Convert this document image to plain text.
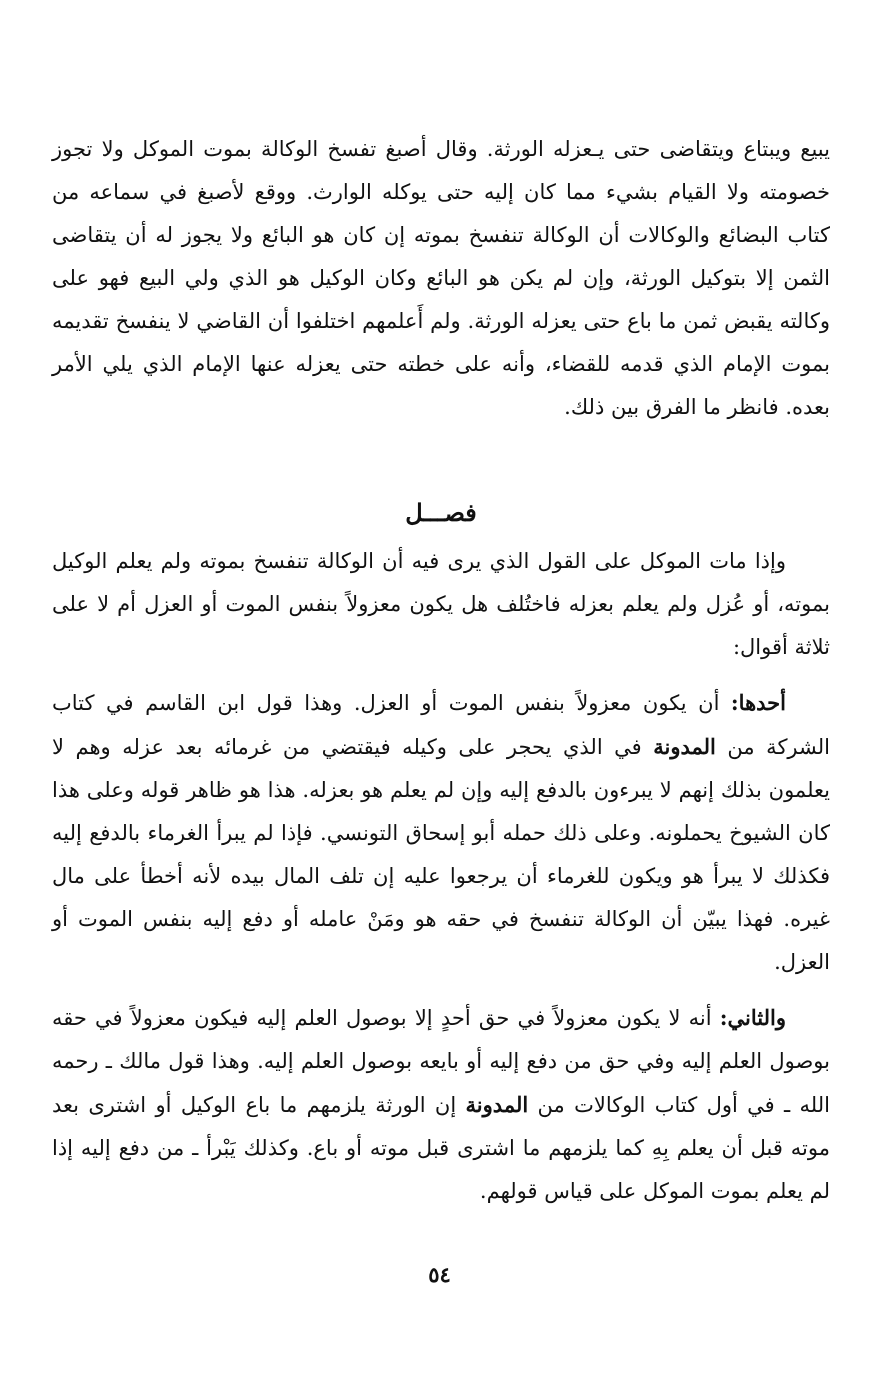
يبيع ويبتاع ويتقاضى حتى يـعزله الورثة. وقال أصبغ تفسخ الوكالة بموت الموكل ولا تجوز خصومته ولا القيام بشيء مما كان إليه حتى يوكله الوارث. ووقع لأصبغ في سماعه من كتاب البضائع والوكالات أن الوكالة تنفسخ بموته إن كان هو البائع ولا يجوز له أن يتقاضى الثمن إلا بتوكيل الورثة، وإن لم يكن هو البائع وكان الوكيل هو الذي ولي البيع فهو على وكالته يقبض ثمن ما باع حتى يعزله الورثة. ولم أَعلمهم اختلفوا أن القاضي لا ينفسخ تقديمه بموت الإمام الذي قدمه للقضاء، وأنه على خطته حتى يعزله عنها الإمام الذي يلي الأمر بعده. فانظر ما الفرق بين ذلك.

فصـــل

وإذا مات الموكل على القول الذي يرى فيه أن الوكالة تنفسخ بموته ولم يعلم الوكيل بموته، أو عُزل ولم يعلم بعزله فاختُلف هل يكون معزولاً بنفس الموت أو العزل أم لا على ثلاثة أقوال:

أحدها: أن يكون معزولاً بنفس الموت أو العزل. وهذا قول ابن القاسم في كتاب الشركة من المدونة في الذي يحجر على وكيله فيقتضي من غرمائه بعد عزله وهم لا يعلمون بذلك إنهم لا يبرءون بالدفع إليه وإن لم يعلم هو بعزله. هذا هو ظاهر قوله وعلى هذا كان الشيوخ يحملونه. وعلى ذلك حمله أبو إسحاق التونسي. فإذا لم يبرأ الغرماء بالدفع إليه فكذلك لا يبرأ هو ويكون للغرماء أن يرجعوا عليه إن تلف المال بيده لأنه أخطأ على مال غيره. فهذا يبيّن أن الوكالة تنفسخ في حقه هو ومَنْ عامله أو دفع إليه بنفس الموت أو العزل.

والثاني: أنه لا يكون معزولاً في حق أحدٍ إلا بوصول العلم إليه فيكون معزولاً في حقه بوصول العلم إليه وفي حق من دفع إليه أو بايعه بوصول العلم إليه. وهذا قول مالك ـ رحمه الله ـ في أول كتاب الوكالات من المدونة إن الورثة يلزمهم ما باع الوكيل أو اشترى بعد موته قبل أن يعلم بِهِ كما يلزمهم ما اشترى قبل موته أو باع. وكذلك يَبْرأ ـ من دفع إليه إذا لم يعلم بموت الموكل على قياس قولهم.

٥٤
